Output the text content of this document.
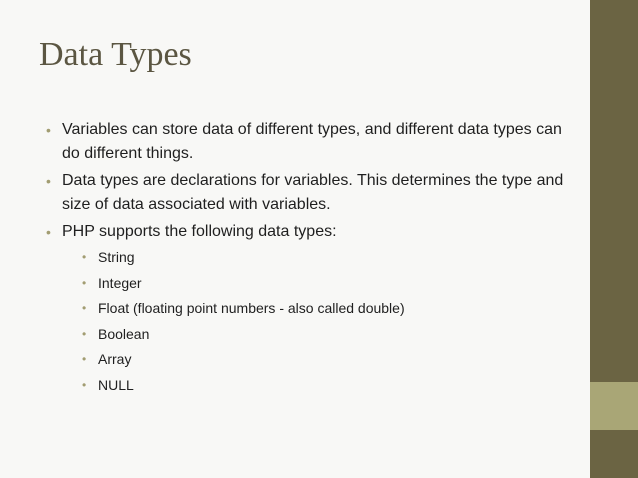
Data Types
• Variables can store data of different types, and different data types can do different things.
• Data types are declarations for variables. This determines the type and size of data associated with variables.
• PHP supports the following data types:
• String
• Integer
• Float (floating point numbers - also called double)
• Boolean
• Array
• NULL
